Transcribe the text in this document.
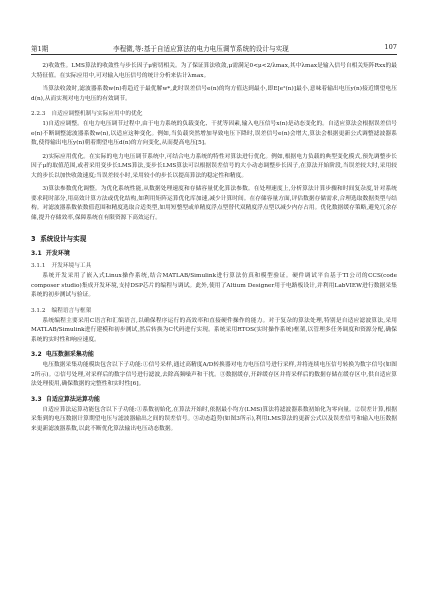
第1期	李程微,等:基于自适应算法的电力电压调节系统的设计与实现	107

2)收敛性。LMS算法的收敛性与步长因子μ密切相关。为了保证算法收敛,μ需满足0<μ<2/λmax,其中λmax是输入信号自相关矩阵Rxx的最大特征值。在实际应用中,可对输入电压信号的统计分析来估计λmax。

当算法收敛时,滤波器系数w(n)将趋近于最优解w*,此时误差信号e(n)的均方值达到最小,即E[e²(n)]最小,意味着输出电压y(n)接近期望电压d(n),从而实现对电力电压的有效调节。

2.2.3 自适应调整机制与实际应用中的优化

1)自适应调整。在电力电压调节过程中,由于电力系统的负载变化、干扰等因素,输入电压信号x(n)是动态变化的。自适应算法会根据误差信号e(n)不断调整滤波器系数w(n),以适应这种变化。例如,当负载突然增加导致电压下降时,误差信号e(n)会增大,算法会根据更新公式调整滤波器系数,使得输出电压y(n)朝着期望电压d(n)的方向变化,从而提高电压[5]。

2)实际应用优化。在实际的电力电压调节系统中,可结合电力系统的特性对算法进行优化。例如,根据电力负载的典型变化模式,预先调整步长因子μ的取值范围,或者采用变步长LMS算法,变步长LMS算法可以根据误差信号的大小动态调整步长因子,在算法开始阶段,当误差较大时,采用较大的步长以加快收敛速度;当误差较小时,采用较小的步长以提高算法的稳定性和精度。

3)算法参数优化调整。为优化系统性能,从数据处理速度和存储容量优化算法参数。在处理速度上,分析算法计算步骤和时间复杂度,针对系统要求耗时部分,用高效计算方法或优化结构,如利用矩阵运算优化库加速,减少计算时间。在存储容量方面,评估数据存储需求,合理选取数据类型与结构。对滤波器系数依数值范围和精度选取合适类型,如用短整型或单精度浮点型替代双精度浮点型以减少内存占用。优化数据缓存策略,避免冗余存储,提升存储效率,保障系统在有限资源下高效运行。

3 系统设计与实现
3.1 开发环境
3.1.1 开发环境与工具

系统开发采用了嵌入式Linux操作系统,结合MATLAB/Simulink进行算法仿真和模型验证。硬件调试平台基于TI公司的CCS(code composer studio)集成开发环境,支持DSP芯片的编程与调试。此外,使用了Altium Designer用于电路板设计,并利用LabVIEW进行数据采集系统的初步测试与验证。

3.1.2 编程语言与框架

系统编程主要采用C语言和汇编语言,以确保程序运行的高效率和直接硬件操作的能力。对于复杂的算法处理,特别是自适应滤波算法,采用MATLAB/Simulink进行建模和初步测试,然后转换为C代码进行实现。系统采用RTOS(实时操作系统)框架,以管理多任务调度和资源分配,确保系统的实时性和响应速度。

3.2 电压数据采集功能

电压数据采集功能模块包含以下子功能:①信号采样,通过高精度A/D转换器对电力电压信号进行采样,并将连续电压信号转换为数字信号(如图2所示)。②信号处理,对采样后的数字信号进行滤波,去除高频噪声和干扰。③数据缓存,开辟缓存区并将采样后的数据存储在缓存区中,供自适应算法处理使用,确保数据的完整性和实时性[6]。

3.3 自适应算法运算功能

自适应算法运算功能包含以下子功能:①系数初始化,在算法开始时,依据最小均方(LMS)算法将滤波器系数初始化为零向量。②误差计算,根据采集到的电压数据计算期望电压与滤波器输出之间的误差信号。③动态趋势(如图3所示),利用LMS算法的更新公式以及误差信号和输入电压数据来更新滤波器系数,以此不断优化算法输出电压动态数据。
